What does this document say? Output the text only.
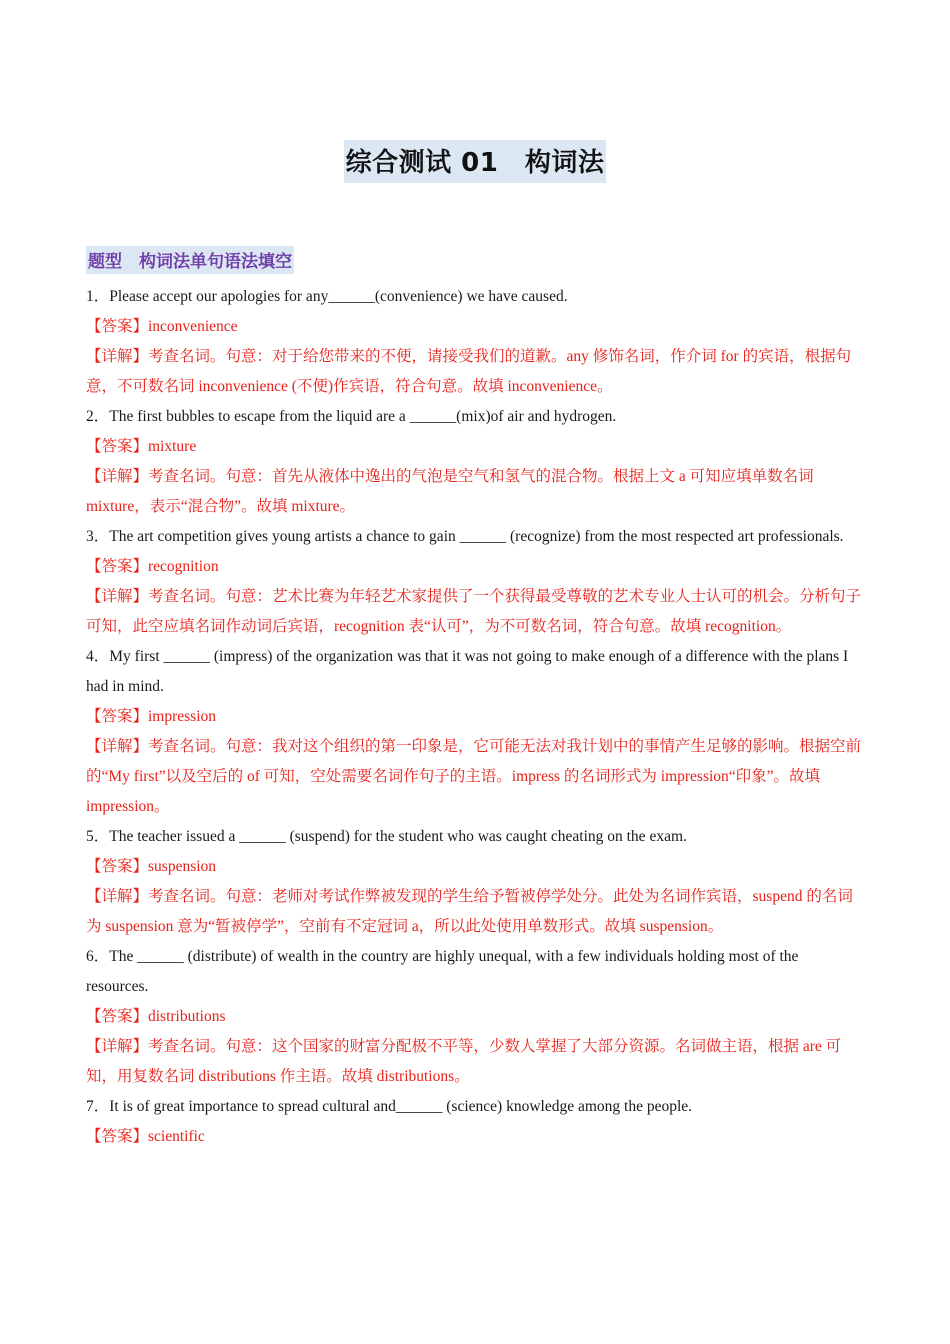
综合测试 01　构词法
题型　构词法单句语法填空

1．Please accept our apologies for any______(convenience) we have caused.

【答案】inconvenience

【详解】考查名词。句意：对于给您带来的不便，请接受我们的道歉。any 修饰名词，作介词 for 的宾语，根据句意，不可数名词 inconvenience (不便)作宾语，符合句意。故填 inconvenience。

2．The first bubbles to escape from the liquid are a ______(mix)of air and hydrogen.

【答案】mixture

【详解】考查名词。句意：首先从液体中逸出的气泡是空气和氢气的混合物。根据上文 a 可知应填单数名词 mixture，表示“混合物”。故填 mixture。

3．The art competition gives young artists a chance to gain ______ (recognize) from the most respected art professionals.

【答案】recognition

【详解】考查名词。句意：艺术比赛为年轻艺术家提供了一个获得最受尊敬的艺术专业人士认可的机会。分析句子可知，此空应填名词作动词后宾语，recognition 表“认可”，为不可数名词，符合句意。故填 recognition。

4．My first ______ (impress) of the organization was that it was not going to make enough of a difference with the plans I had in mind.

【答案】impression

【详解】考查名词。句意：我对这个组织的第一印象是，它可能无法对我计划中的事情产生足够的影响。根据空前的“My first”以及空后的 of 可知，空处需要名词作句子的主语。impress 的名词形式为 impression“印象”。故填 impression。

5．The teacher issued a ______ (suspend) for the student who was caught cheating on the exam.

【答案】suspension

【详解】考查名词。句意：老师对考试作弊被发现的学生给予暂被停学处分。此处为名词作宾语，suspend 的名词为 suspension 意为“暂被停学”，空前有不定冠词 a，所以此处使用单数形式。故填 suspension。

6．The ______ (distribute) of wealth in the country are highly unequal, with a few individuals holding most of the resources.

【答案】distributions

【详解】考查名词。句意：这个国家的财富分配极不平等，少数人掌握了大部分资源。名词做主语，根据 are 可知，用复数名词 distributions 作主语。故填 distributions。

7．It is of great importance to spread cultural and______ (science) knowledge among the people.

【答案】scientific
